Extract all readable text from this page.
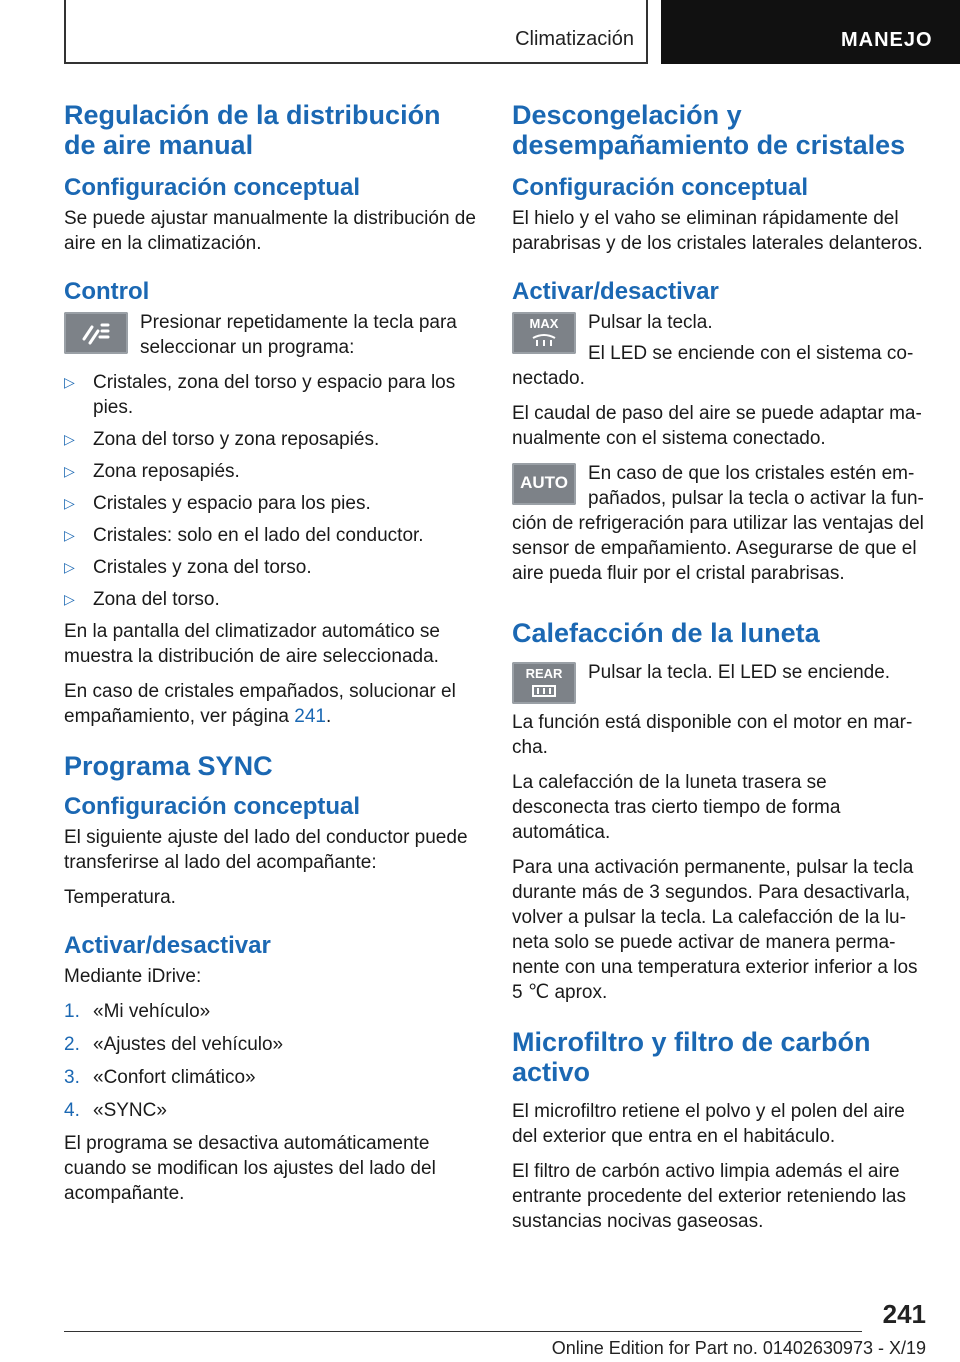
Climatización	MANEJO
Regulación de la distribución de aire manual
Configuración conceptual

Se puede ajustar manualmente la distribución de aire en la climatización.

Control

Presionar repetidamente la tecla para seleccionar un programa:

▷ Cristales, zona del torso y espacio para los pies.
▷ Zona del torso y zona reposapiés.
▷ Zona reposapiés.
▷ Cristales y espacio para los pies.
▷ Cristales: solo en el lado del conductor.
▷ Cristales y zona del torso.
▷ Zona del torso.

En la pantalla del climatizador automático se muestra la distribución de aire seleccionada.

En caso de cristales empañados, solucionar el empañamiento, ver página 241.

Programa SYNC
Configuración conceptual

El siguiente ajuste del lado del conductor puede transferirse al lado del acompañante:

Temperatura.

Activar/desactivar

Mediante iDrive:

1. «Mi vehículo»
2. «Ajustes del vehículo»
3. «Confort climático»
4. «SYNC»

El programa se desactiva automáticamente cuando se modifican los ajustes del lado del acompañante.

Descongelación y desempañamiento de cristales
Configuración conceptual

El hielo y el vaho se eliminan rápidamente del parabrisas y de los cristales laterales delanteros.

Activar/desactivar
MAX	Pulsar la tecla.

El LED se enciende con el sistema conectado.

El caudal de paso del aire se puede adaptar manualmente con el sistema conectado.

AUTO	En caso de que los cristales estén empañados, pulsar la tecla o activar la función de refrigeración para utilizar las ventajas del sensor de empañamiento. Asegurarse de que el aire pueda fluir por el cristal parabrisas.

Calefacción de la luneta
REAR	Pulsar la tecla. El LED se enciende.

La función está disponible con el motor en marcha.

La calefacción de la luneta trasera se desconecta tras cierto tiempo de forma automática.

Para una activación permanente, pulsar la tecla durante más de 3 segundos. Para desactivarla, volver a pulsar la tecla. La calefacción de la luneta solo se puede activar de manera permanente con una temperatura exterior inferior a los 5 ℃ aprox.

Microfiltro y filtro de carbón activo

El microfiltro retiene el polvo y el polen del aire del exterior que entra en el habitáculo.

El filtro de carbón activo limpia además el aire entrante procedente del exterior reteniendo las sustancias nocivas gaseosas.

241
Online Edition for Part no. 01402630973 - X/19
